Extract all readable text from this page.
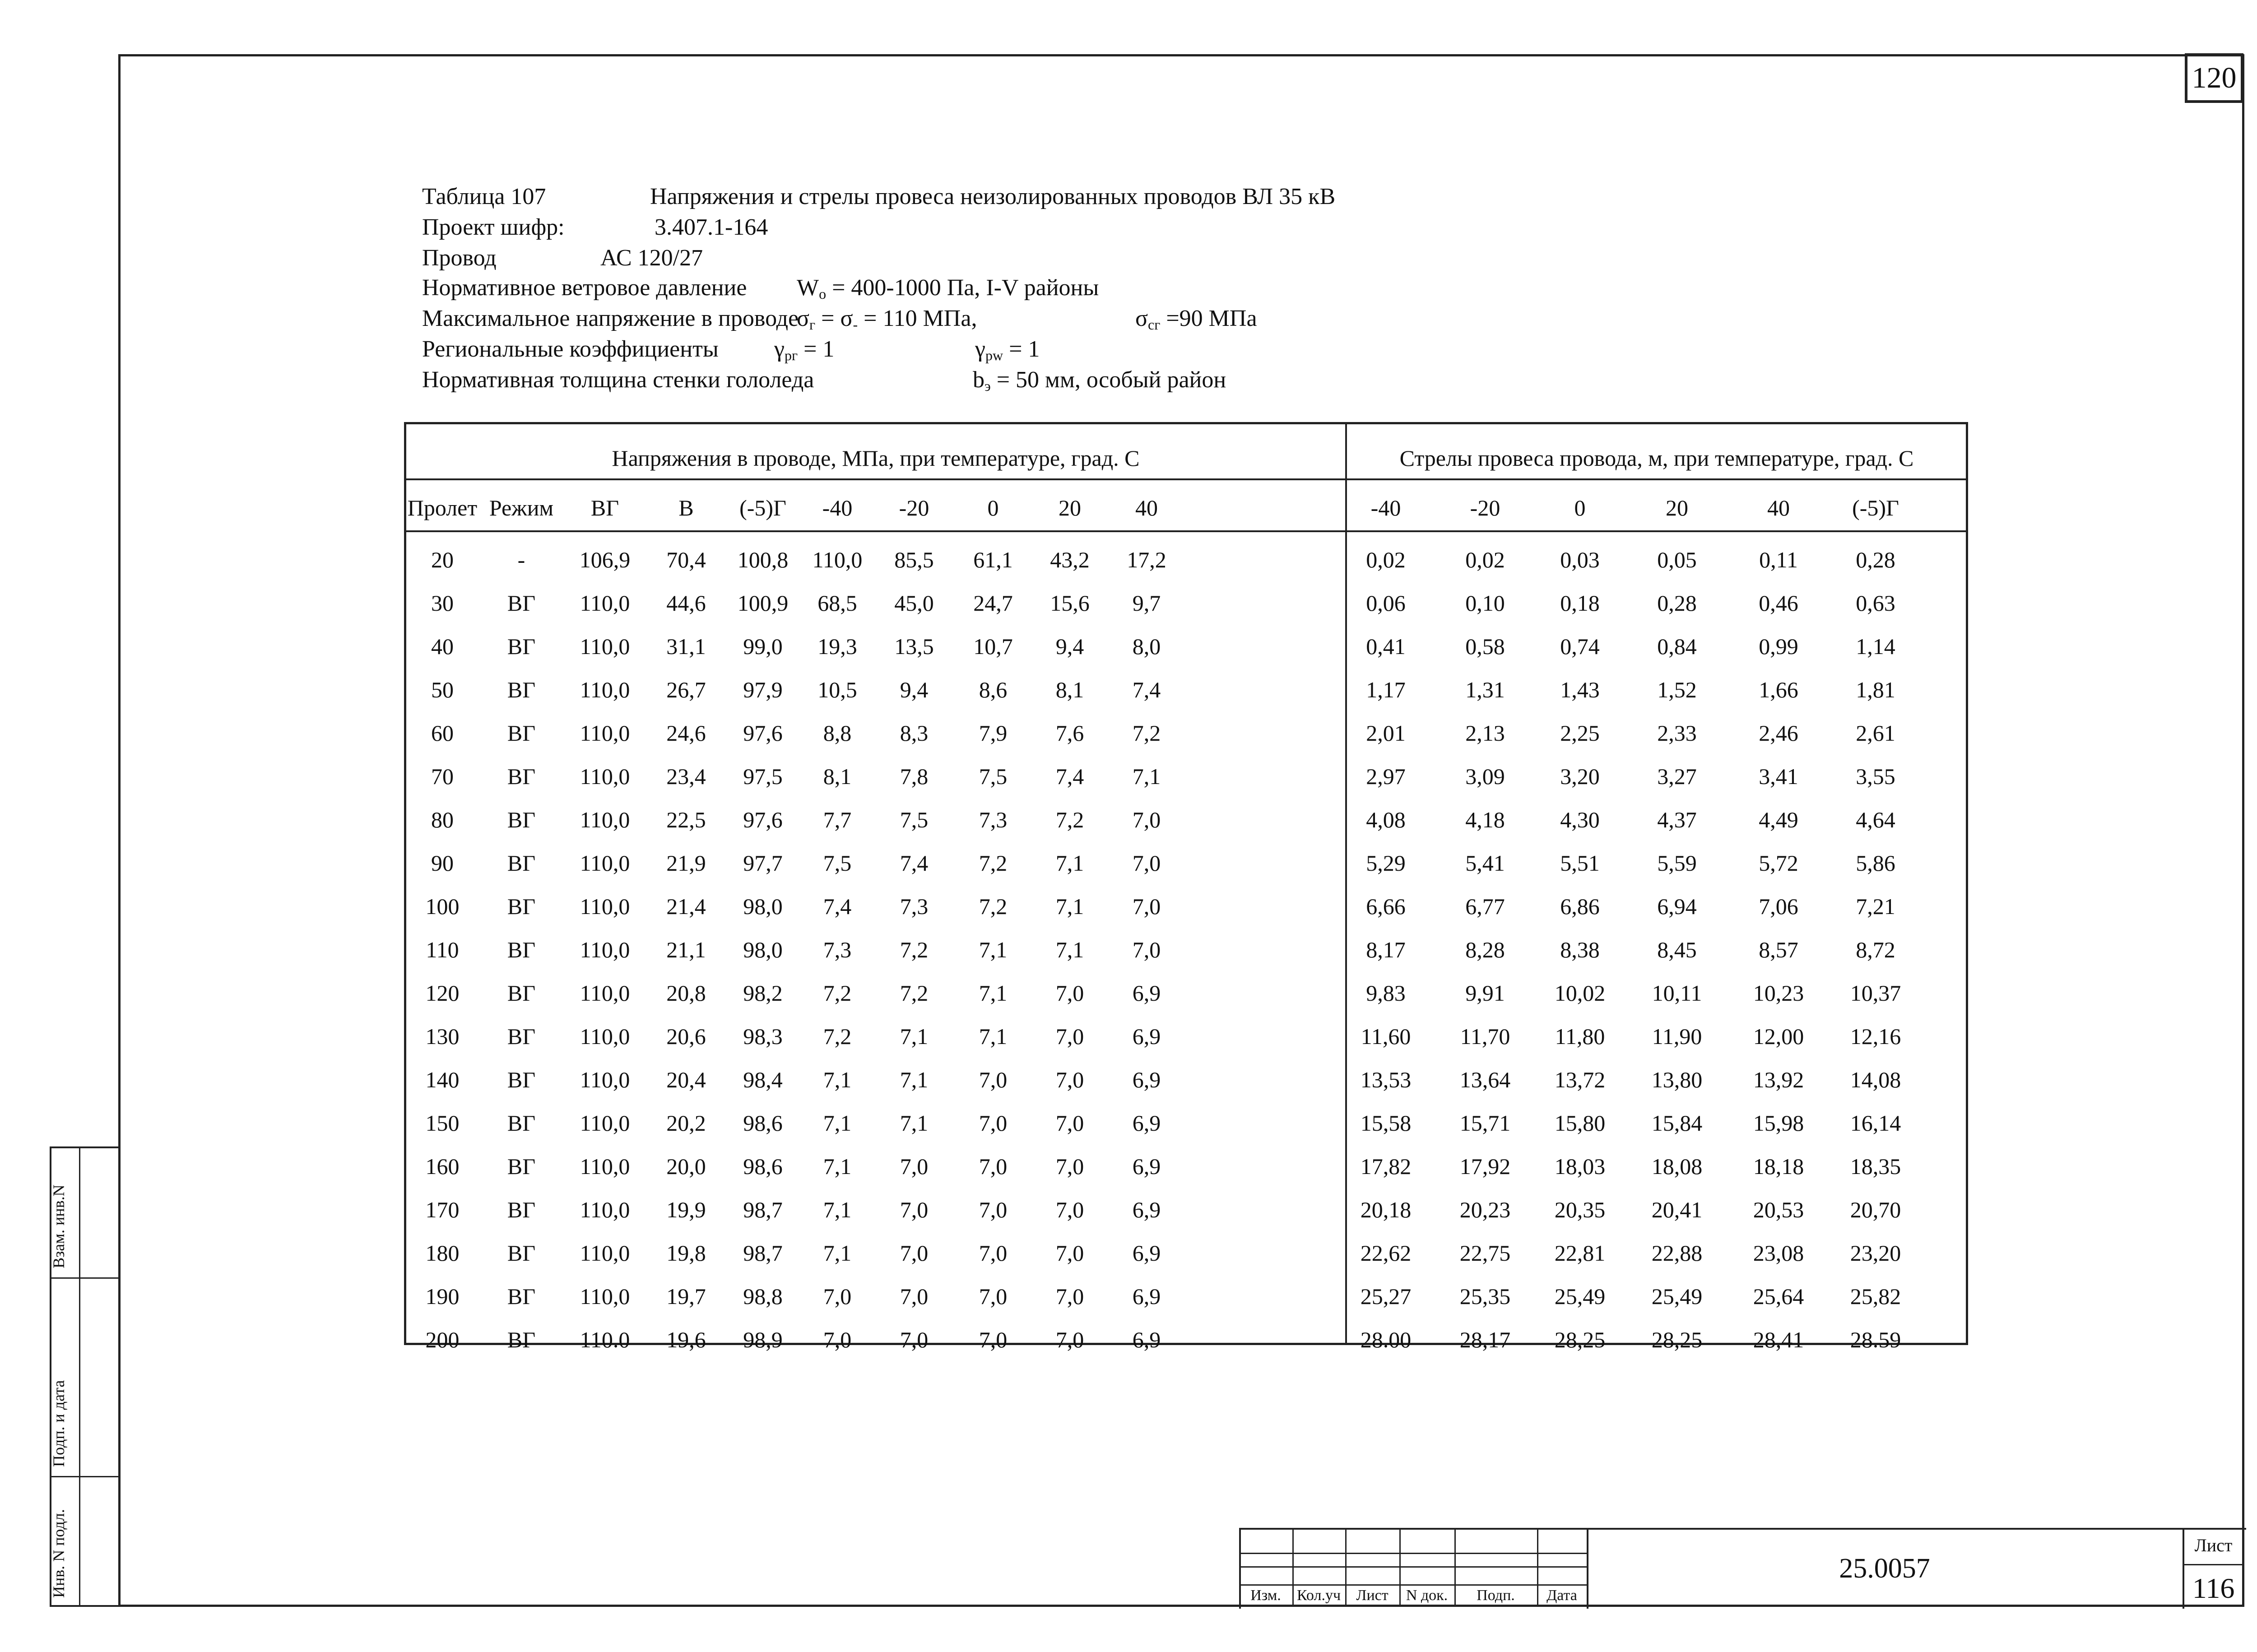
120
Таблица 107	Напряжения и стрелы провеса неизолированных проводов ВЛ 35 кВ
Проект шифр:	3.407.1-164
Провод	АС 120/27
Нормативное ветровое давление $W_о = 400-1000$ Па, I-V районы
Максимальное напряжение в проводе
$\sigma_г = \sigma_- = 110$ МПа,	$\sigma_{сг} =90$ МПа
Региональные коэффициенты $\gamma_{рг} = 1$	$\gamma_{pw} = 1$
Нормативная толщина стенки гололеда	$b_э = 50$ мм, особый район
Напряжения в проводе, МПа, при температуре, град. С	Стрелы провеса провода, м, при температуре, град. С
Пролет Режим	ВГ	В	(-5)Г	-40	-20	0	20	40	-40	-20	0	20	40	(-5)Г
20	-	106,9	70,4	100,8	110,0	85,5	61,1	43,2	17,2	0,02	0,02	0,03	0,05	0,11	0,28
30	ВГ	110,0	44,6	100,9	68,5	45,0	24,7	15,6	9,7	0,06	0,10	0,18	0,28	0,46	0,63
40	ВГ	110,0	31,1	99,0	19,3	13,5	10,7	9,4	8,0	0,41	0,58	0,74	0,84	0,99	1,14
50	ВГ	110,0	26,7	97,9	10,5	9,4	8,6	8,1	7,4	1,17	1,31	1,43	1,52	1,66	1,81
60	ВГ	110,0	24,6	97,6	8,8	8,3	7,9	7,6	7,2	2,01	2,13	2,25	2,33	2,46	2,61
70	ВГ	110,0	23,4	97,5	8,1	7,8	7,5	7,4	7,1	2,97	3,09	3,20	3,27	3,41	3,55
80	ВГ	110,0	22,5	97,6	7,7	7,5	7,3	7,2	7,0	4,08	4,18	4,30	4,37	4,49	4,64
90	ВГ	110,0	21,9	97,7	7,5	7,4	7,2	7,1	7,0	5,29	5,41	5,51	5,59	5,72	5,86
100	ВГ	110,0	21,4	98,0	7,4	7,3	7,2	7,1	7,0	6,66	6,77	6,86	6,94	7,06	7,21
110	ВГ	110,0	21,1	98,0	7,3	7,2	7,1	7,1	7,0	8,17	8,28	8,38	8,45	8,57	8,72
120	ВГ	110,0	20,8	98,2	7,2	7,2	7,1	7,0	6,9	9,83	9,91	10,02	10,11	10,23	10,37
130	ВГ	110,0	20,6	98,3	7,2	7,1	7,1	7,0	6,9	11,60	11,70	11,80	11,90	12,00	12,16
140	ВГ	110,0	20,4	98,4	7,1	7,1	7,0	7,0	6,9	13,53	13,64	13,72	13,80	13,92	14,08
150	ВГ	110,0	20,2	98,6	7,1	7,1	7,0	7,0	6,9	15,58	15,71	15,80	15,84	15,98	16,14
160	ВГ	110,0	20,0	98,6	7,1	7,0	7,0	7,0	6,9	17,82	17,92	18,03	18,08	18,18	18,35
170	ВГ	110,0	19,9	98,7	7,1	7,0	7,0	7,0	6,9	20,18	20,23	20,35	20,41	20,53	20,70
180	ВГ	110,0	19,8	98,7	7,1	7,0	7,0	7,0	6,9	22,62	22,75	22,81	22,88	23,08	23,20
190	ВГ	110,0	19,7	98,8	7,0	7,0	7,0	7,0	6,9	25,27	25,35	25,49	25,49	25,64	25,82
200	ВГ	110.0	19,6	98,9	7,0	7,0	7,0	7,0	6,9	28.00	28,17	28,25	28,25	28,41	28.59
25.0057
Лист
116
Изм.	Кол.уч	Лист	N док.	Подп.	Дата
Инв. N подл.
Подп. и дата
Взам. инв.N
